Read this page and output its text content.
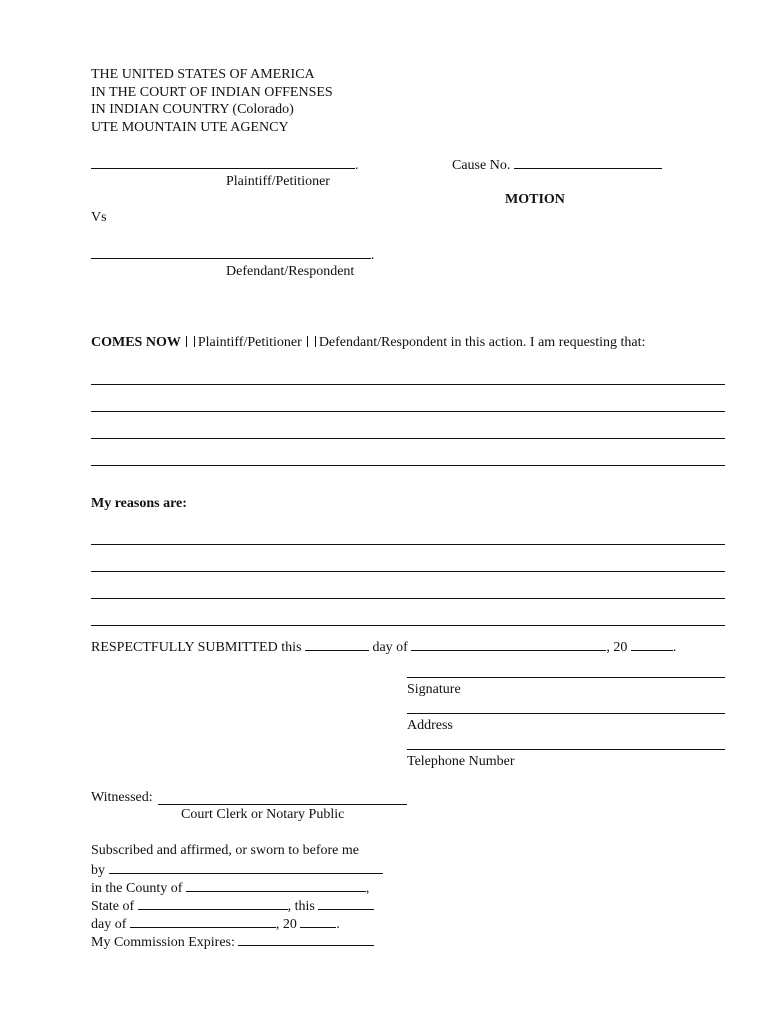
THE UNITED STATES OF AMERICA
IN THE COURT OF INDIAN OFFENSES
IN INDIAN COUNTRY (Colorado)
UTE MOUNTAIN UTE AGENCY
.
Plaintiff/Petitioner
Cause No.
MOTION
Vs
.
Defendant/Respondent
COMES NOW Plaintiff/Petitioner Defendant/Respondent in this action. I am requesting that:
My reasons are:
RESPECTFULLY SUBMITTED this	day of	, 20	.
Signature
Address
Telephone Number
Witnessed:
Court Clerk or Notary Public
Subscribed and affirmed, or sworn to before me
by
in the County of	,
State of	, this
day of	, 20	.
My Commission Expires:
